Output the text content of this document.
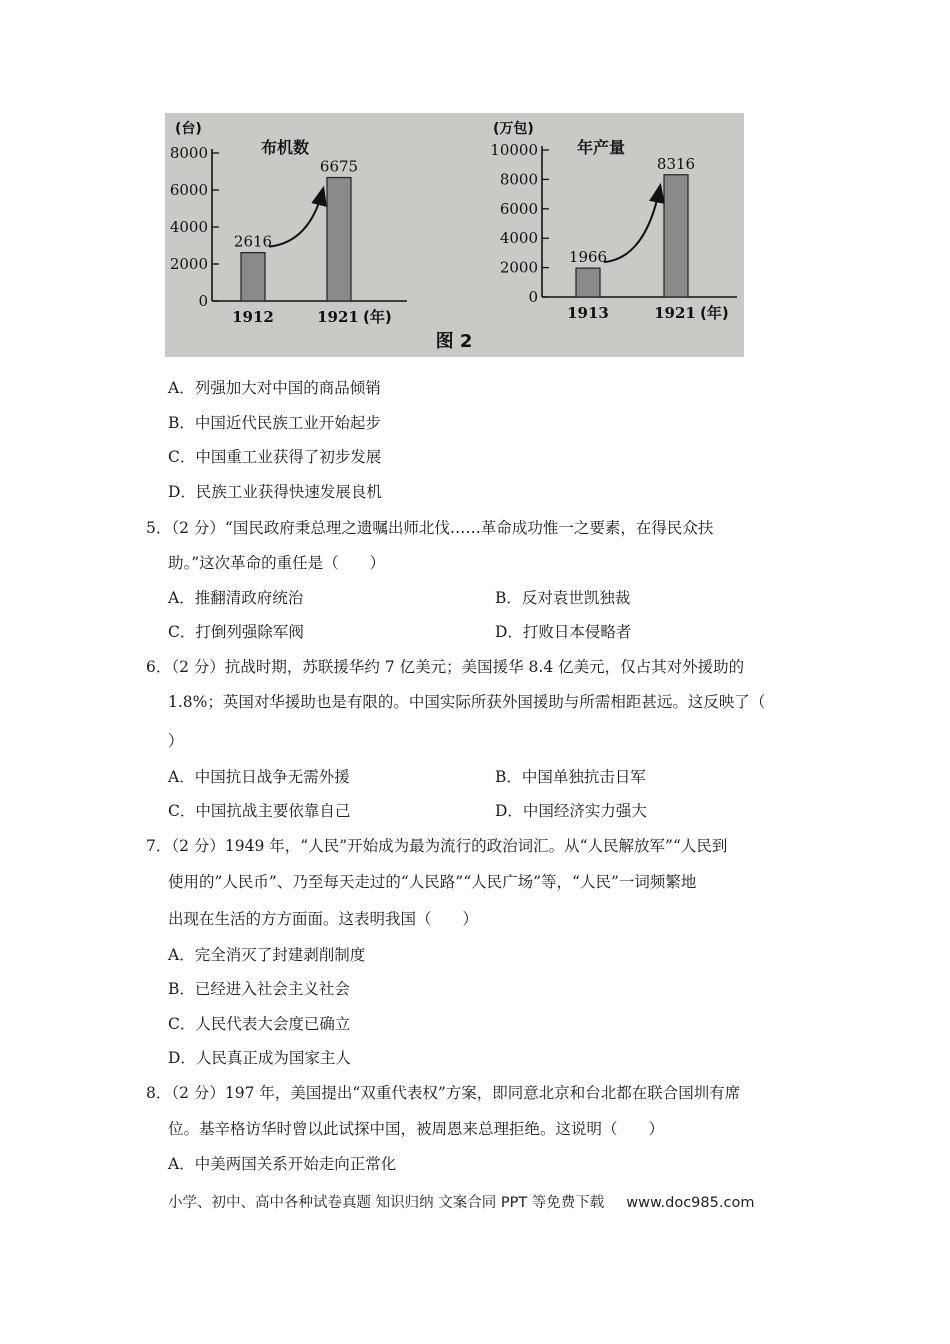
0
2000
4000
6000
8000
(台)
布机数
2616
1912
6675
1921 (年)
0
2000
4000
6000
8000
10000
(万包)
年产量
1966
1913
8316
1921 (年)
图 2
A．列强加大对中国的商品倾销
B．中国近代民族工业开始起步
C．中国重工业获得了初步发展
D．民族工业获得快速发展良机
5．（2 分）“国民政府秉总理之遗嘱出师北伐……革命成功惟一之要素，在得民众扶
助。”这次革命的重任是（　　）
A．推翻清政府统治	B．反对袁世凯独裁
C．打倒列强除军阀	D．打败日本侵略者
6．（2 分）抗战时期，苏联援华约 7 亿美元；美国援华 8.4 亿美元，仅占其对外援助的
1.8%；英国对华援助也是有限的。中国实际所获外国援助与所需相距甚远。这反映了（
）
A．中国抗日战争无需外援	B．中国单独抗击日军
C．中国抗战主要依靠自己	D．中国经济实力强大
7．（2 分）1949 年，“人民”开始成为最为流行的政治词汇。从“人民解放军”“人民到
使用的”人民币”、乃至每天走过的“人民路”“人民广场”等，“人民”一词频繁地
出现在生活的方方面面。这表明我国（　　）
A．完全消灭了封建剥削制度
B．已经进入社会主义社会
C．人民代表大会度已确立
D．人民真正成为国家主人
8．（2 分）197 年，美国提出“双重代表权”方案，即同意北京和台北都在联合国圳有席
位。基辛格访华时曾以此试探中国，被周恩来总理拒绝。这说明（　　）
A．中美两国关系开始走向正常化
小学、初中、高中各种试卷真题 知识归纳 文案合同 PPT 等免费下载 www.doc985.com
